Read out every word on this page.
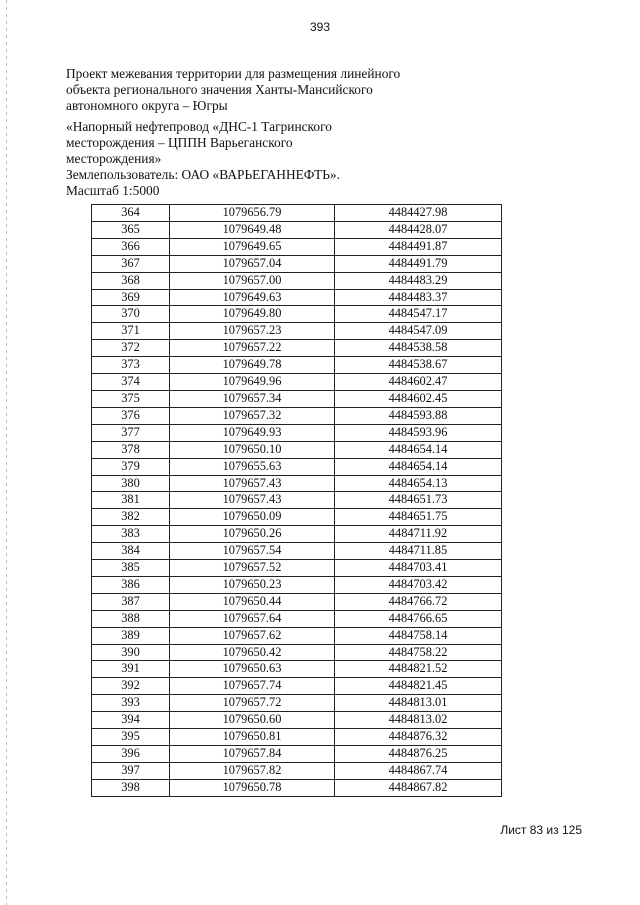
393
Проект межевания территории для размещения линейного
объекта регионального значения Ханты-Мансийского
автономного округа – Югры
«Напорный нефтепровод «ДНС-1 Тагринского
месторождения – ЦППН Варьеганского
месторождения»
Землепользователь: ОАО «ВАРЬЕГАННЕФТЬ».
Масштаб 1:5000
364	1079656.79	4484427.98
365	1079649.48	4484428.07
366	1079649.65	4484491.87
367	1079657.04	4484491.79
368	1079657.00	4484483.29
369	1079649.63	4484483.37
370	1079649.80	4484547.17
371	1079657.23	4484547.09
372	1079657.22	4484538.58
373	1079649.78	4484538.67
374	1079649.96	4484602.47
375	1079657.34	4484602.45
376	1079657.32	4484593.88
377	1079649.93	4484593.96
378	1079650.10	4484654.14
379	1079655.63	4484654.14
380	1079657.43	4484654.13
381	1079657.43	4484651.73
382	1079650.09	4484651.75
383	1079650.26	4484711.92
384	1079657.54	4484711.85
385	1079657.52	4484703.41
386	1079650.23	4484703.42
387	1079650.44	4484766.72
388	1079657.64	4484766.65
389	1079657.62	4484758.14
390	1079650.42	4484758.22
391	1079650.63	4484821.52
392	1079657.74	4484821.45
393	1079657.72	4484813.01
394	1079650.60	4484813.02
395	1079650.81	4484876.32
396	1079657.84	4484876.25
397	1079657.82	4484867.74
398	1079650.78	4484867.82
Лист 83 из 125
